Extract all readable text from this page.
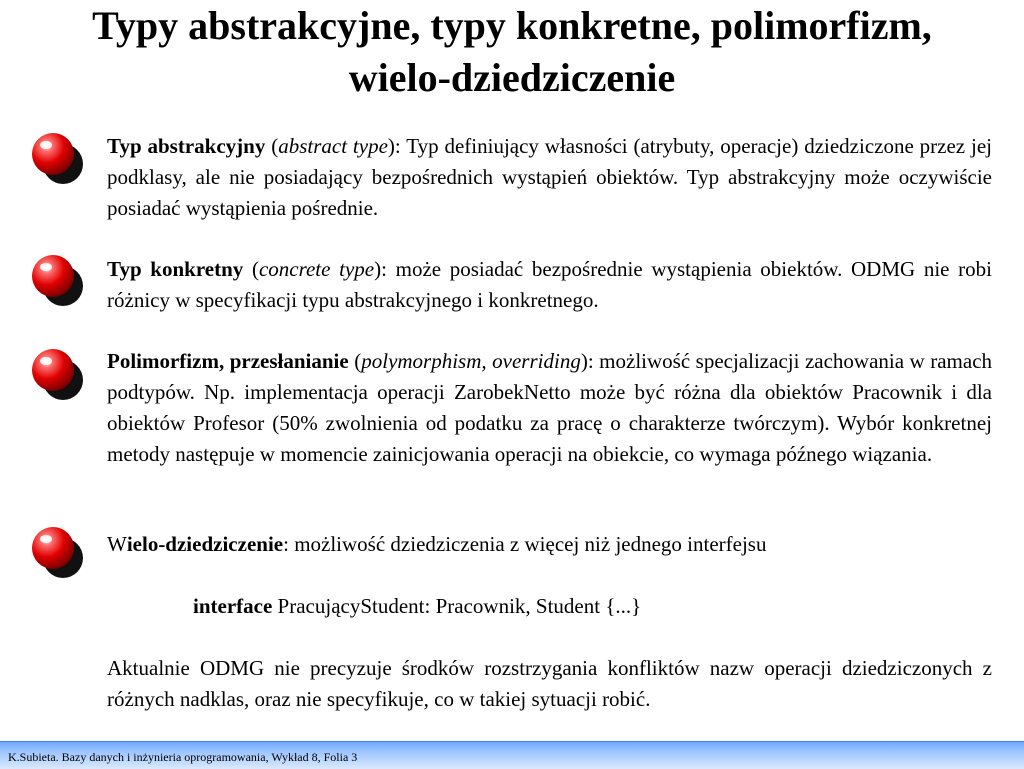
Typy abstrakcyjne, typy konkretne, polimorfizm,
wielo-dziedziczenie
Typ abstrakcyjny (abstract type): Typ definiujący własności (atrybuty, operacje) dziedziczone przez jej podklasy, ale nie posiadający bezpośrednich wystąpień obiektów. Typ abstrakcyjny może oczywiście posiadać wystąpienia pośrednie.
Typ konkretny (concrete type): może posiadać bezpośrednie wystąpienia obiektów. ODMG nie robi różnicy w specyfikacji typu abstrakcyjnego i konkretnego.
Polimorfizm, przesłanianie (polymorphism, overriding): możliwość specjalizacji zachowania w ramach podtypów. Np. implementacja operacji ZarobekNetto może być różna dla obiektów Pracownik i dla obiektów Profesor (50% zwolnienia od podatku za pracę o charakterze twórczym). Wybór konkretnej metody następuje w momencie zainicjowania operacji na obiekcie, co wymaga późnego wiązania.
Wielo-dziedziczenie: możliwość dziedziczenia z więcej niż jednego interfejsu
interface PracującyStudent: Pracownik, Student {...}
Aktualnie ODMG nie precyzuje środków rozstrzygania konfliktów nazw operacji dziedziczonych z różnych nadklas, oraz nie specyfikuje, co w takiej sytuacji robić.
K.Subieta. Bazy danych i inżynieria oprogramowania, Wykład 8, Folia 3
